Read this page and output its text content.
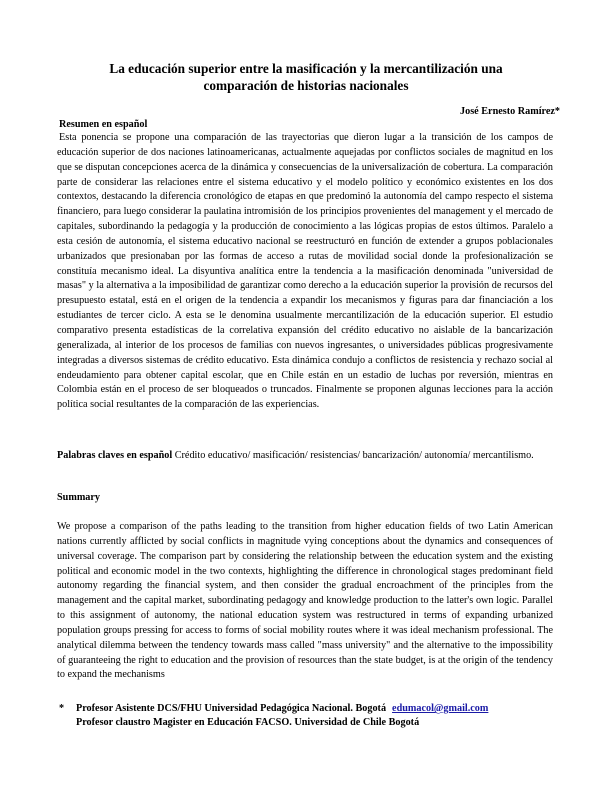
La educación superior entre la masificación y la mercantilización una
comparación de historias nacionales
José Ernesto Ramírez*
Resumen en español
Esta ponencia se propone una comparación de las trayectorias que dieron lugar a la transición de los campos de educación superior de dos naciones latinoamericanas, actualmente aquejadas por conflictos sociales de magnitud en los que se disputan concepciones acerca de la dinámica y consecuencias de la universalización de cobertura. La comparación parte de considerar las relaciones entre el sistema educativo y el modelo político y económico existentes en los dos contextos, destacando la diferencia cronológico de etapas en que predominó la autonomía del campo respecto el sistema financiero, para luego considerar la paulatina intromisión de los principios provenientes del management y el mercado de capitales, subordinando la pedagogía y la producción de conocimiento a las lógicas propias de estos últimos. Paralelo a esta cesión de autonomía, el sistema educativo nacional se reestructuró en función de extender a grupos poblacionales urbanizados que presionaban por las formas de acceso a rutas de movilidad social donde la profesionalización se constituía mecanismo ideal. La disyuntiva analítica entre la tendencia a la masificación denominada "universidad de masas" y la alternativa a la imposibilidad de garantizar como derecho a la educación superior la provisión de recursos del presupuesto estatal, está en el origen de la tendencia a expandir los mecanismos y figuras para dar financiación a los estudiantes de tercer ciclo. A esta se le denomina usualmente mercantilización de la educación superior. El estudio comparativo presenta estadísticas de la correlativa expansión del crédito educativo no aislable de la bancarización generalizada, al interior de los procesos de familias con nuevos ingresantes, o universidades públicas progresivamente integradas a diversos sistemas de crédito educativo. Esta dinámica condujo a conflictos de resistencia y rechazo social al endeudamiento para obtener capital escolar, que en Chile están en un estadio de luchas por reversión, mientras en Colombia están en el proceso de ser bloqueados o truncados. Finalmente se proponen algunas lecciones para la acción política social resultantes de la comparación de las experiencias.
Palabras claves en español Crédito educativo/ masificación/ resistencias/ bancarización/ autonomía/ mercantilismo.
Summary
We propose a comparison of the paths leading to the transition from higher education fields of two Latin American nations currently afflicted by social conflicts in magnitude vying conceptions about the dynamics and consequences of universal coverage. The comparison part by considering the relationship between the education system and the existing political and economic model in the two contexts, highlighting the difference in chronological stages predominant field autonomy regarding the financial system, and then consider the gradual encroachment of the principles from the management and the capital market, subordinating pedagogy and knowledge production to the latter's own logic. Parallel to this assignment of autonomy, the national education system was restructured in terms of expanding urbanized population groups pressing for access to forms of social mobility routes where it was ideal mechanism professional. The analytical dilemma between the tendency towards mass called "mass university" and the alternative to the impossibility of guaranteeing the right to education and the provision of resources than the state budget, is at the origin of the tendency to expand the mechanisms
* Profesor Asistente DCS/FHU Universidad Pedagógica Nacional. Bogotá edumacol@gmail.com
Profesor claustro Magister en Educación FACSO. Universidad de Chile Bogotá
